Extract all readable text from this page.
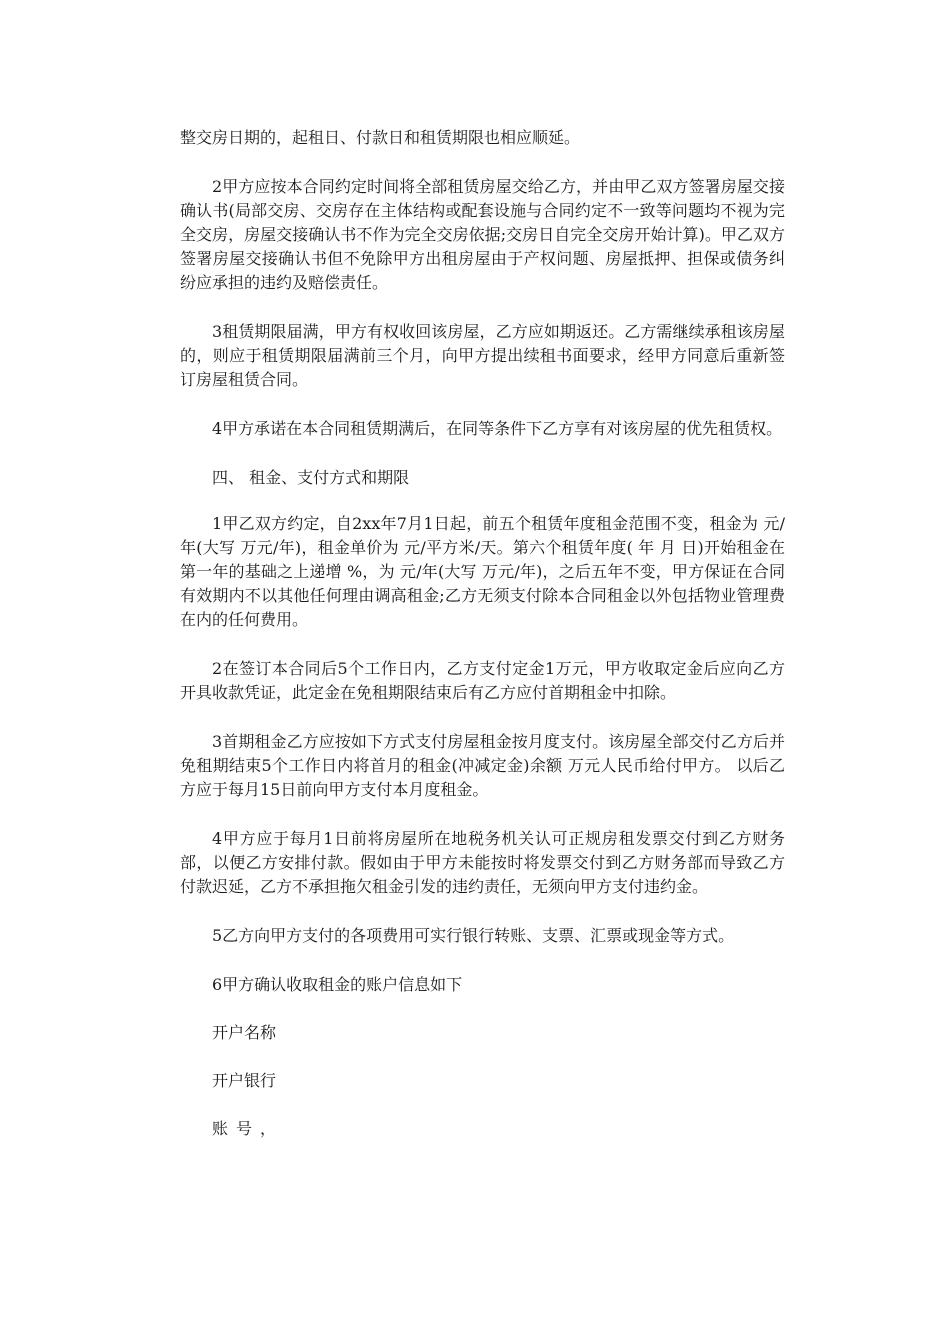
整交房日期的，起租日、付款日和租赁期限也相应顺延。

2甲方应按本合同约定时间将全部租赁房屋交给乙方，并由甲乙双方签署房屋交接确认书(局部交房、交房存在主体结构或配套设施与合同约定不一致等问题均不视为完全交房，房屋交接确认书不作为完全交房依据;交房日自完全交房开始计算)。甲乙双方签署房屋交接确认书但不免除甲方出租房屋由于产权问题、房屋抵押、担保或债务纠纷应承担的违约及赔偿责任。

3租赁期限届满，甲方有权收回该房屋，乙方应如期返还。乙方需继续承租该房屋的，则应于租赁期限届满前三个月，向甲方提出续租书面要求，经甲方同意后重新签订房屋租赁合同。

4甲方承诺在本合同租赁期满后，在同等条件下乙方享有对该房屋的优先租赁权。

四、 租金、支付方式和期限

1甲乙双方约定，自2xx年7月1日起，前五个租赁年度租金范围不变，租金为 元/年(大写 万元/年)，租金单价为 元/平方米/天。第六个租赁年度( 年 月 日)开始租金在第一年的基础之上递增 %，为 元/年(大写 万元/年)，之后五年不变，甲方保证在合同有效期内不以其他任何理由调高租金;乙方无须支付除本合同租金以外包括物业管理费在内的任何费用。

2在签订本合同后5个工作日内，乙方支付定金1万元，甲方收取定金后应向乙方开具收款凭证，此定金在免租期限结束后有乙方应付首期租金中扣除。

3首期租金乙方应按如下方式支付房屋租金按月度支付。该房屋全部交付乙方后并免租期结束5个工作日内将首月的租金(冲减定金)余额 万元人民币给付甲方。 以后乙方应于每月15日前向甲方支付本月度租金。

4甲方应于每月1日前将房屋所在地税务机关认可正规房租发票交付到乙方财务部，以便乙方安排付款。假如由于甲方未能按时将发票交付到乙方财务部而导致乙方付款迟延，乙方不承担拖欠租金引发的违约责任，无须向甲方支付违约金。

5乙方向甲方支付的各项费用可实行银行转账、支票、汇票或现金等方式。

6甲方确认收取租金的账户信息如下

开户名称

开户银行

账号，
